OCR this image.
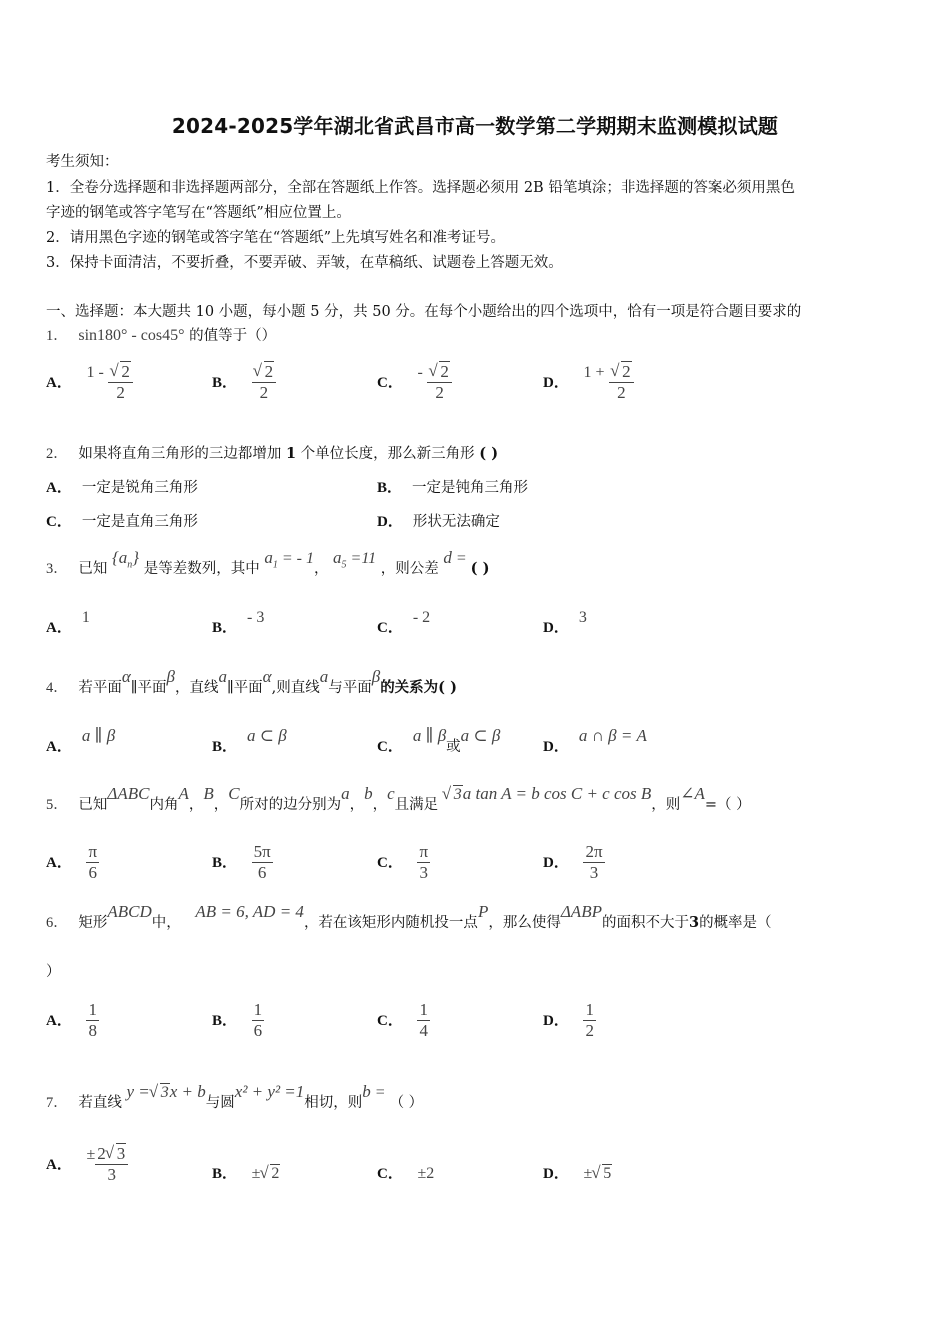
2024-2025学年湖北省武昌市高一数学第二学期期末监测模拟试题
考生须知：
1．全卷分选择题和非选择题两部分，全部在答题纸上作答。选择题必须用 2B 铅笔填涂；非选择题的答案必须用黑色
字迹的钢笔或答字笔写在“答题纸”相应位置上。
2．请用黑色字迹的钢笔或答字笔在“答题纸”上先填写姓名和准考证号。
3．保持卡面清洁，不要折叠，不要弄破、弄皱，在草稿纸、试题卷上答题无效。
一、选择题：本大题共 10 小题，每小题 5 分，共 50 分。在每个小题给出的四个选项中，恰有一项是符合题目要求的
1． sin180° - cos45° 的值等于（）
A． 1 - √ $\frac{2}{2}$	B． √ $\frac{2}{2}$	C． - √ $\frac{2}{2}$	D． 1 + √ $\frac{2}{2}$
2． 如果将直角三角形的三边都增加 1 个单位长度，那么新三角形 ( )
A． 一定是锐角三角形	B． 一定是钝角三角形
C． 一定是直角三角形	D． 形状无法确定
3． 已知 $\{a_n\}$ 是等差数列，其中 $a_1$ = - 1， $a_5 =11$ ，则公差 d = ( )
A．1
B．- 3
C．- 2
D．3
4． 若平面α∥平面β，直线a∥平面α,则直线a与平面β的关系为( )
A．a ∥ β
B．a ⊂ β
C．a ∥ β或a ⊂ β
D．a ∩ β = A
5． 已知ΔABC内角A，B，C所对的边分别为a，b，c且满足 √ 3a tan A = b cos C + c cos B，则∠A=（ ）
A． $\frac{\pi}{6}$	B． $\frac{5\pi}{6}$	C． $\frac{\pi}{3}$	D． $\frac{2\pi}{3}$
6． 矩形ABCD中， AB = 6, AD = 4，若在该矩形内随机投一点P，那么使得ΔABP的面积不大于3的概率是（
）
A． $\frac{1}{8}$	B． $\frac{1}{6}$	C． $\frac{1}{4}$	D． $\frac{1}{2}$
7． 若直线 y = √ 3x + b与圆x² + y² =1相切，则b = （ ）
A． ± $\frac{2 √ 3}{3}$	B． ± √ 2	C． ±2	D． ± √ 5
